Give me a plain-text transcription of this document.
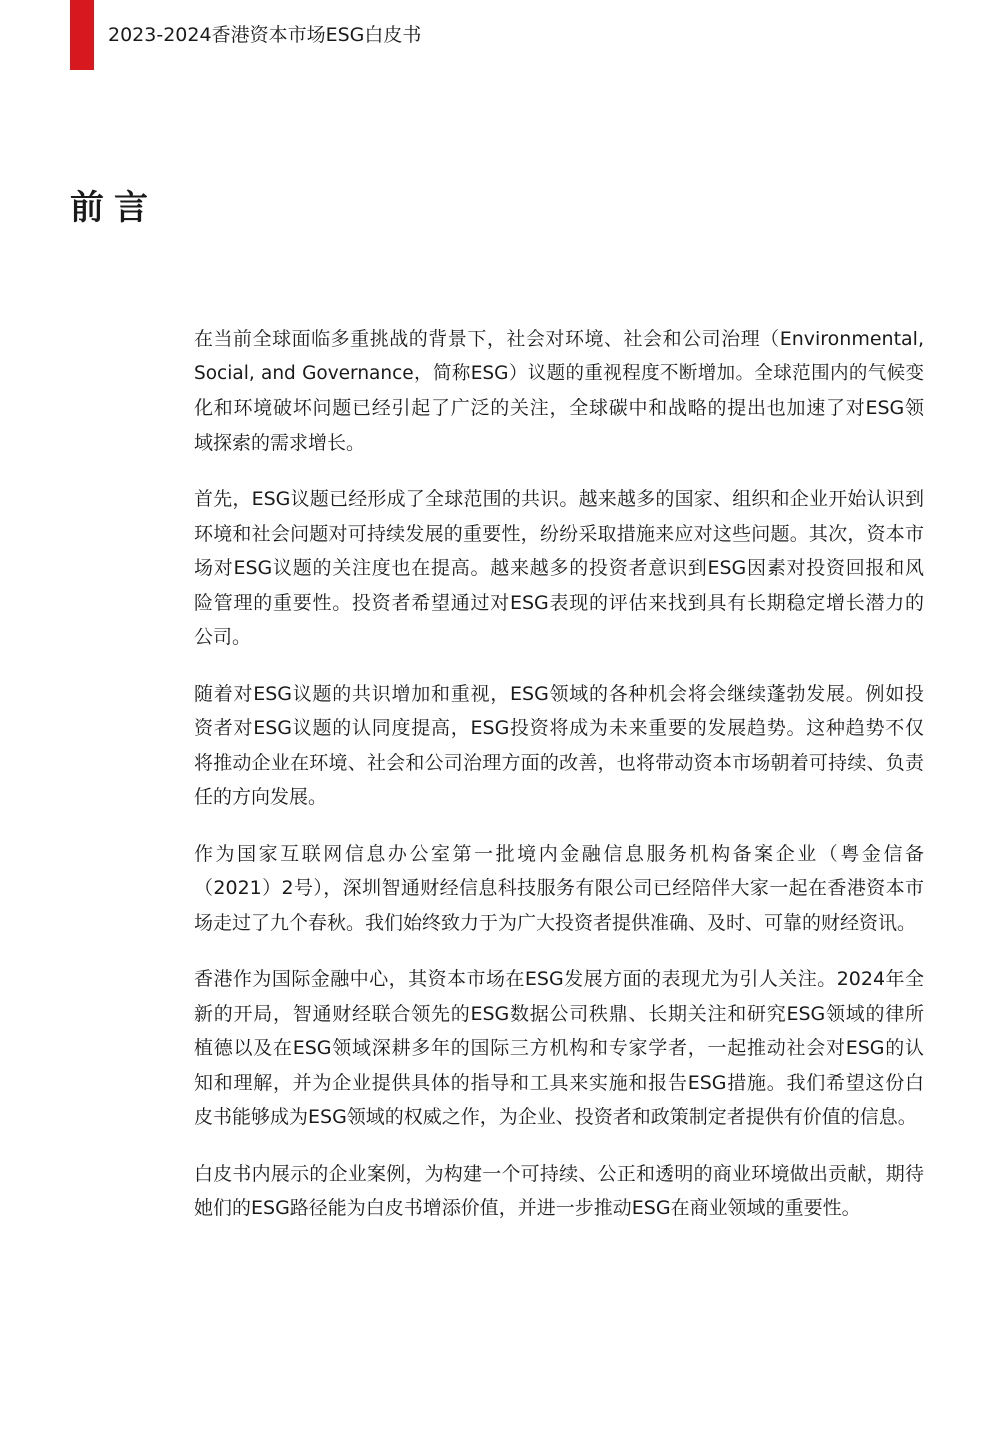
2023-2024香港资本市场ESG白皮书
前言
在当前全球面临多重挑战的背景下，社会对环境、社会和公司治理（Environmental,
Social, and Governance，简称ESG）议题的重视程度不断增加。全球范围内的气候变
化和环境破坏问题已经引起了广泛的关注，全球碳中和战略的提出也加速了对ESG领
域探索的需求增长。
首先，ESG议题已经形成了全球范围的共识。越来越多的国家、组织和企业开始认识到
环境和社会问题对可持续发展的重要性，纷纷采取措施来应对这些问题。其次，资本市
场对ESG议题的关注度也在提高。越来越多的投资者意识到ESG因素对投资回报和风
险管理的重要性。投资者希望通过对ESG表现的评估来找到具有长期稳定增长潜力的
公司。
随着对ESG议题的共识增加和重视，ESG领域的各种机会将会继续蓬勃发展。例如投
资者对ESG议题的认同度提高，ESG投资将成为未来重要的发展趋势。这种趋势不仅
将推动企业在环境、社会和公司治理方面的改善，也将带动资本市场朝着可持续、负责
任的方向发展。
作为国家互联网信息办公室第一批境内金融信息服务机构备案企业（粤金信备
（2021）2号），深圳智通财经信息科技服务有限公司已经陪伴大家一起在香港资本市
场走过了九个春秋。我们始终致力于为广大投资者提供准确、及时、可靠的财经资讯。
香港作为国际金融中心，其资本市场在ESG发展方面的表现尤为引人关注。2024年全
新的开局，智通财经联合领先的ESG数据公司秩鼎、长期关注和研究ESG领域的律所
植德以及在ESG领域深耕多年的国际三方机构和专家学者，一起推动社会对ESG的认
知和理解，并为企业提供具体的指导和工具来实施和报告ESG措施。我们希望这份白
皮书能够成为ESG领域的权威之作，为企业、投资者和政策制定者提供有价值的信息。
白皮书内展示的企业案例，为构建一个可持续、公正和透明的商业环境做出贡献，期待
她们的ESG路径能为白皮书增添价值，并进一步推动ESG在商业领域的重要性。
